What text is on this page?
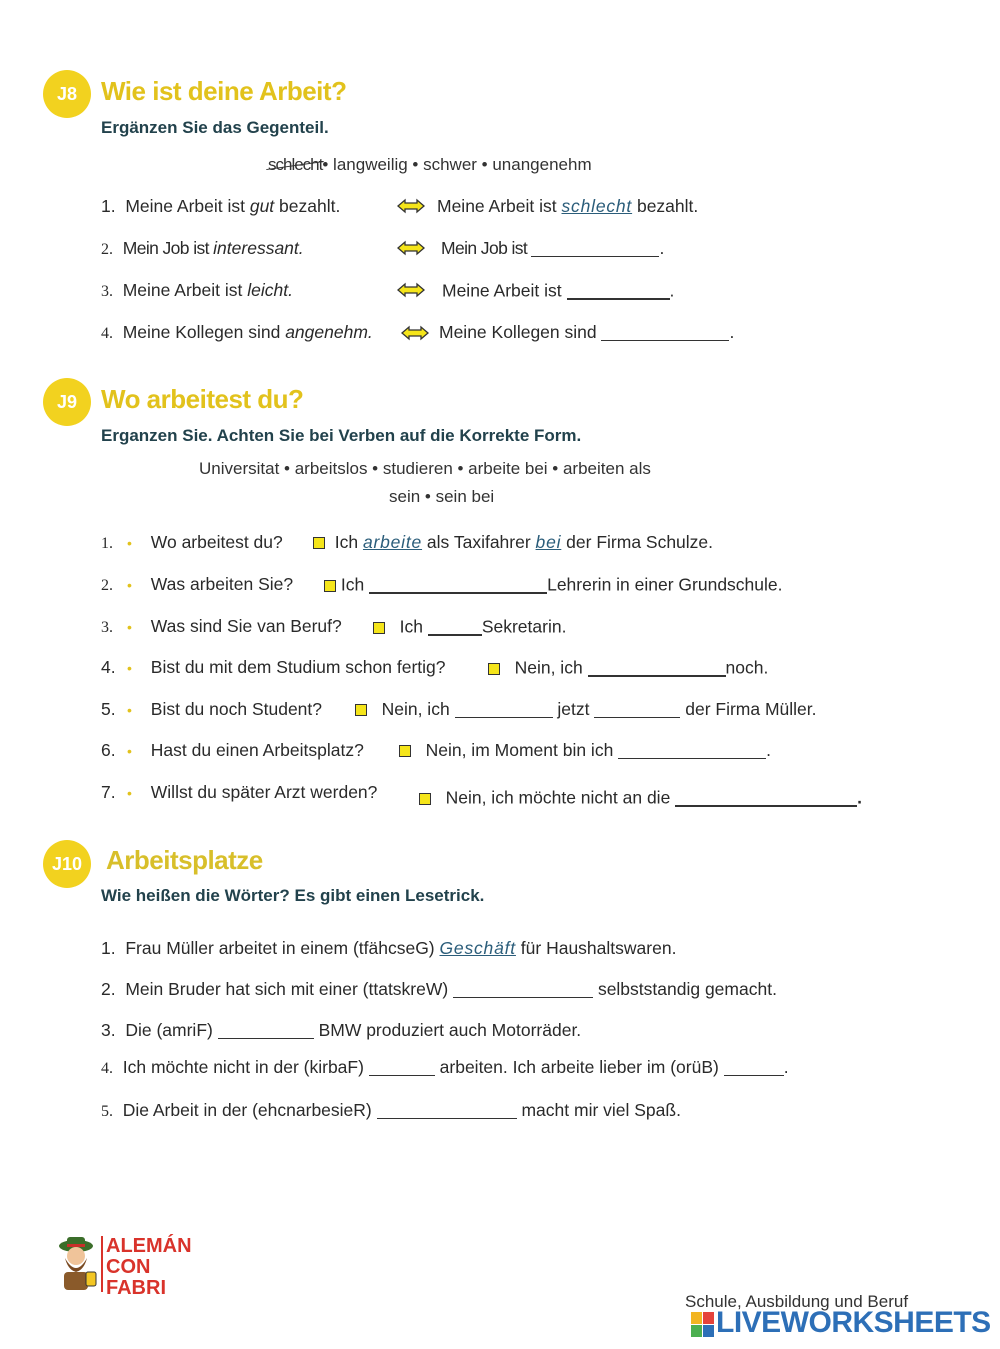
J8 Wie ist deine Arbeit?
Ergänzen Sie das Gegenteil.
schlecht• langweilig • schwer • unangenehm
1. Meine Arbeit ist gut bezahlt.	Meine Arbeit ist schlecht bezahlt.
2. Mein Job ist interessant.	Mein Job ist	.
3. Meine Arbeit ist leicht.	Meine Arbeit ist	.
4. Meine Kollegen sind angenehm.	Meine Kollegen sind	.
J9 Wo arbeitest du?
Erganzen Sie. Achten Sie bei Verben auf die Korrekte Form.
Universitat • arbeitslos • studieren • arbeite bei • arbeiten als
sein • sein bei
1. • Wo arbeitest du?	Ich arbeite als Taxifahrer bei der Firma Schulze.
2. • Was arbeiten Sie?	Ich	Lehrerin in einer Grundschule.
3. • Was sind Sie van Beruf?	Ich	Sekretarin.
4. • Bist du mit dem Studium schon fertig?	Nein, ich	noch.
5. • Bist du noch Student?	Nein, ich	jetzt	der Firma Müller.
6. • Hast du einen Arbeitsplatz?	Nein, im Moment bin ich	.
7. • Willst du später Arzt werden?	Nein, ich möchte nicht an die	.
J10 Arbeitsplatze
Wie heißen die Wörter? Es gibt einen Lesetrick.
1. Frau Müller arbeitet in einem (tfähcseG) Geschäft für Haushaltswaren.
2. Mein Bruder hat sich mit einer (ttatskreW)	selbststandig gemacht.
3. Die (amriF)	BMW produziert auch Motorräder.
4. Ich möchte nicht in der (kirbaF)	arbeiten. Ich arbeite lieber im (orüB)	.
5. Die Arbeit in der (ehcnarbesieR)	macht mir viel Spaß.
ALEMÁN
CON
FABRI
Schule, Ausbildung und Beruf
LIVEWORKSHEETS
